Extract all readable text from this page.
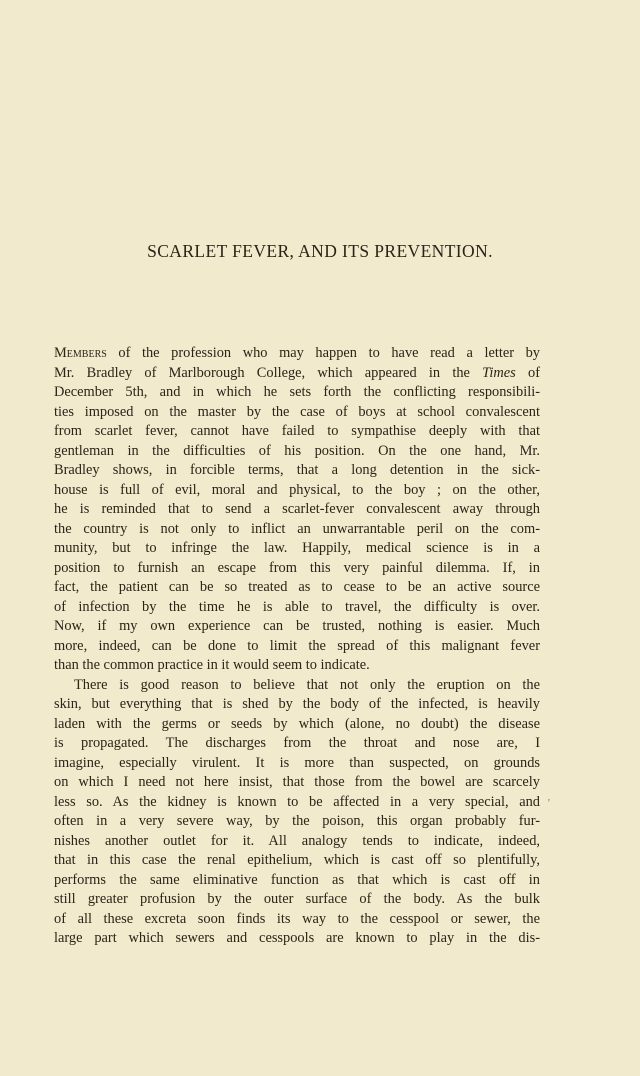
SCARLET FEVER, AND ITS PREVENTION.
Members of the profession who may happen to have read a letter by
Mr. Bradley of Marlborough College, which appeared in the Times of
December 5th, and in which he sets forth the conflicting responsibili-
ties imposed on the master by the case of boys at school convalescent
from scarlet fever, cannot have failed to sympathise deeply with that
gentleman in the difficulties of his position. On the one hand, Mr.
Bradley shows, in forcible terms, that a long detention in the sick-
house is full of evil, moral and physical, to the boy ; on the other,
he is reminded that to send a scarlet-fever convalescent away through
the country is not only to inflict an unwarrantable peril on the com-
munity, but to infringe the law. Happily, medical science is in a
position to furnish an escape from this very painful dilemma. If, in
fact, the patient can be so treated as to cease to be an active source
of infection by the time he is able to travel, the difficulty is over.
Now, if my own experience can be trusted, nothing is easier. Much
more, indeed, can be done to limit the spread of this malignant fever
than the common practice in it would seem to indicate.
There is good reason to believe that not only the eruption on the
skin, but everything that is shed by the body of the infected, is heavily
laden with the germs or seeds by which (alone, no doubt) the disease
is propagated. The discharges from the throat and nose are, I
imagine, especially virulent. It is more than suspected, on grounds
on which I need not here insist, that those from the bowel are scarcely
less so. As the kidney is known to be affected in a very special, and
often in a very severe way, by the poison, this organ probably fur-
nishes another outlet for it. All analogy tends to indicate, indeed,
that in this case the renal epithelium, which is cast off so plentifully,
performs the same eliminative function as that which is cast off in
still greater profusion by the outer surface of the body. As the bulk
of all these excreta soon finds its way to the cesspool or sewer, the
large part which sewers and cesspools are known to play in the dis-
'
